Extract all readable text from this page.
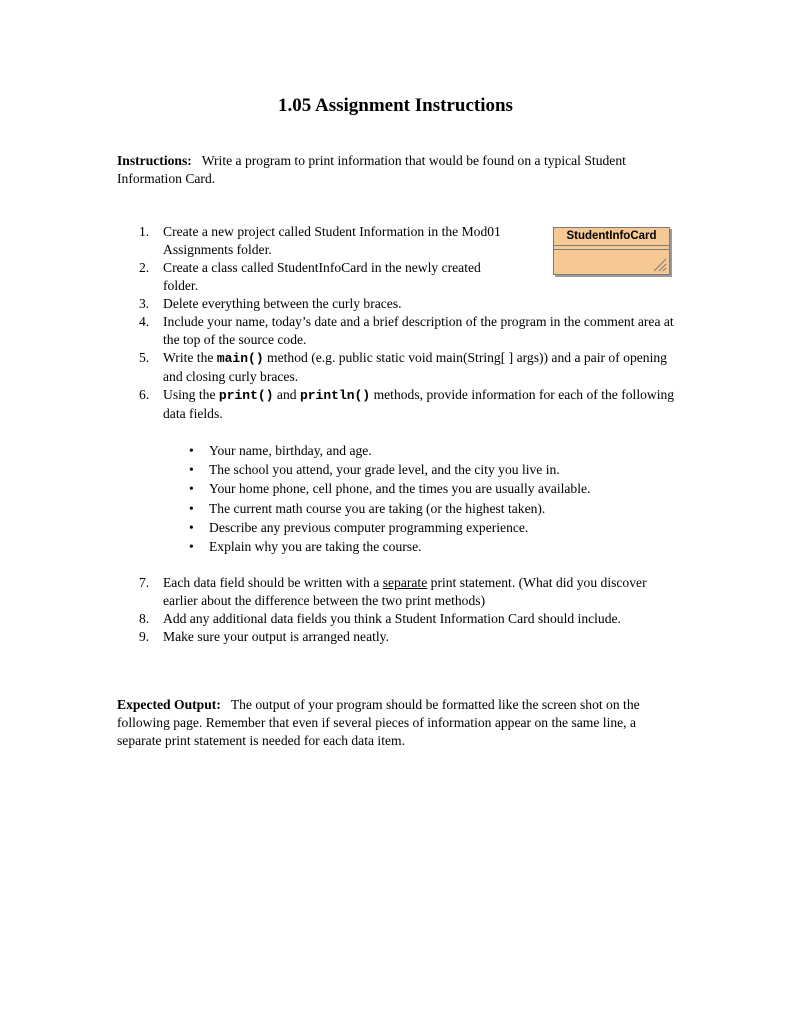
1.05 Assignment Instructions

Instructions: Write a program to print information that would be found on a typical Student Information Card.

StudentInfoCard
1.	Create a new project called Student Information in the Mod01 Assignments folder.
2.	Create a class called StudentInfoCard in the newly created folder.
3.	Delete everything between the curly braces.
4.	Include your name, today’s date and a brief description of the program in the comment area at the top of the source code.
5.	Write the main() method (e.g. public static void main(String[ ] args)) and a pair of opening and closing curly braces.
6.	Using the print() and println() methods, provide information for each of the following data fields.
• Your name, birthday, and age.
• The school you attend, your grade level, and the city you live in.
• Your home phone, cell phone, and the times you are usually available.
• The current math course you are taking (or the highest taken).
• Describe any previous computer programming experience.
• Explain why you are taking the course.
7.	Each data field should be written with a separate print statement. (What did you discover earlier about the difference between the two print methods)
8.	Add any additional data fields you think a Student Information Card should include.
9.	Make sure your output is arranged neatly.

Expected Output: The output of your program should be formatted like the screen shot on the following page. Remember that even if several pieces of information appear on the same line, a separate print statement is needed for each data item.
